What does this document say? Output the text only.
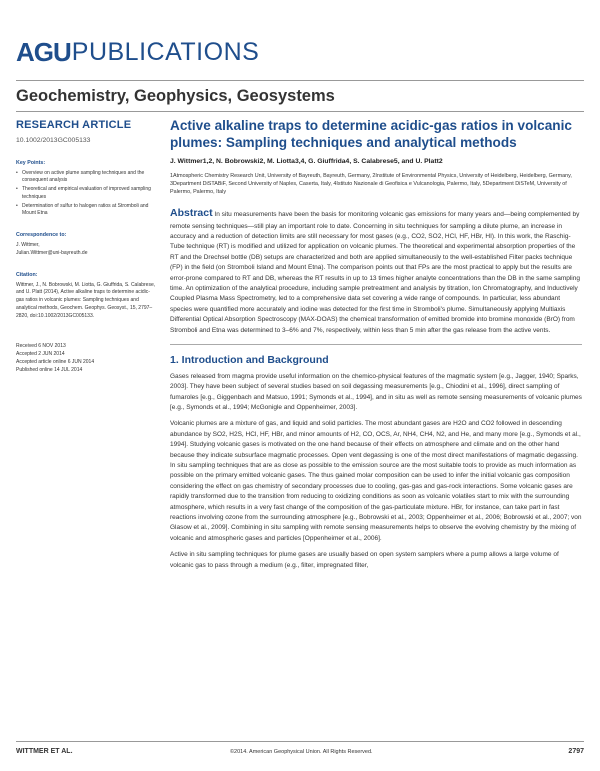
AGU PUBLICATIONS
Geochemistry, Geophysics, Geosystems
RESEARCH ARTICLE
10.1002/2013GC005133
Key Points:
• Overview on active plume sampling techniques and the consequent analysis
• Theoretical and empirical evaluation of improved sampling techniques
• Determination of sulfur to halogen ratios at Stromboli and Mount Etna
Correspondence to:
J. Wittmer,
Julian.Wittmer@uni-bayreuth.de
Citation:
Wittmer, J., N. Bobrowski, M. Liotta, G. Giuffrida, S. Calabrese, and U. Platt (2014), Active alkaline traps to determine acidic-gas ratios in volcanic plumes: Sampling techniques and analytical methods, Geochem. Geophys. Geosyst., 15, 2797–2820, doi:10.1002/2013GC005133.
Received 6 NOV 2013
Accepted 2 JUN 2014
Accepted article online 6 JUN 2014
Published online 14 JUL 2014
Active alkaline traps to determine acidic-gas ratios in volcanic plumes: Sampling techniques and analytical methods
J. Wittmer1,2, N. Bobrowski2, M. Liotta3,4, G. Giuffrida4, S. Calabrese5, and U. Platt2
1Atmospheric Chemistry Research Unit, University of Bayreuth, Bayreuth, Germany, 2Institute of Environmental Physics, University of Heidelberg, Heidelberg, Germany, 3Department DiSTABiF, Second University of Naples, Caserta, Italy, 4Istituto Nazionale di Geofisica e Vulcanologia, Palermo, Italy, 5Department DiSTeM, University of Palermo, Palermo, Italy
Abstract In situ measurements have been the basis for monitoring volcanic gas emissions for many years and—being complemented by remote sensing techniques—still play an important role to date. Concerning in situ techniques for sampling a dilute plume, an increase in accuracy and a reduction of detection limits are still necessary for most gases (e.g., CO2, SO2, HCl, HF, HBr, HI). In this work, the Raschig-Tube technique (RT) is modified and utilized for application on volcanic plumes. The theoretical and experimental absorption properties of the RT and the Drechsel bottle (DB) setups are characterized and both are applied simultaneously to the well-established Filter packs technique (FP) in the field (on Stromboli Island and Mount Etna). The comparison points out that FPs are the most practical to apply but the results are error-prone compared to RT and DB, whereas the RT results in up to 13 times higher analyte concentrations than the DB in the same sampling time. An optimization of the analytical procedure, including sample pretreatment and analysis by titration, Ion Chromatography, and Inductively Coupled Plasma Mass Spectrometry, led to a comprehensive data set covering a wide range of compounds. In particular, less abundant species were quantified more accurately and iodine was detected for the first time in Stromboli's plume. Simultaneously applying Multiaxis Differential Optical Absorption Spectroscopy (MAX-DOAS) the chemical transformation of emitted bromide into bromine monoxide (BrO) from Stromboli and Etna was determined to 3–6% and 7%, respectively, within less than 5 min after the gas release from the active vents.
1. Introduction and Background
Gases released from magma provide useful information on the chemico-physical features of the magmatic system [e.g., Jagger, 1940; Sparks, 2003]. They have been subject of several studies based on soil degassing measurements [e.g., Chiodini et al., 1996], direct sampling of fumaroles [e.g., Giggenbach and Matsuo, 1991; Symonds et al., 1994], and in situ as well as remote sensing measurements of volcanic plumes [e.g., Symonds et al., 1994; McGonigle and Oppenheimer, 2003].
Volcanic plumes are a mixture of gas, and liquid and solid particles. The most abundant gases are H2O and CO2 followed in descending abundance by SO2, H2S, HCl, HF, HBr, and minor amounts of H2, CO, OCS, Ar, NH4, CH4, N2, and He, and many more [e.g., Symonds et al., 1994]. Studying volcanic gases is motivated on the one hand because of their effects on atmosphere and climate and on the other hand because they indicate subsurface magmatic processes. Open vent degassing is one of the most direct manifestations of magmatic degassing. In situ sampling techniques that are as close as possible to the emission source are the most suitable tools to provide as much information as possible on the primary emitted volcanic gases. The thus gained molar composition can be used to infer the initial volcanic gas composition considering the effect on gas chemistry of secondary processes due to cooling, gas-gas and gas-rock interactions. Some volcanic gases are rapidly transformed due to the transition from reducing to oxidizing conditions as soon as volcanic volatiles start to mix with the surrounding atmosphere, which results in a very fast change of the composition of the gas-particulate mixture. HBr, for instance, can take part in fast reactions involving ozone from the surrounding atmosphere [e.g., Bobrowski et al., 2003; Oppenheimer et al., 2006; Bobrowski et al., 2007; von Glasow et al., 2009]. Combining in situ sampling with remote sensing measurements helps to observe the evolving chemistry by the mixing of volcanic and atmospheric gases and particles [Oppenheimer et al., 2006].
Active in situ sampling techniques for plume gases are usually based on open system samplers where a pump allows a large volume of volcanic gas to pass through a medium (e.g., filter, impregnated filter,
WITTMER ET AL.	©2014. American Geophysical Union. All Rights Reserved.	2797
